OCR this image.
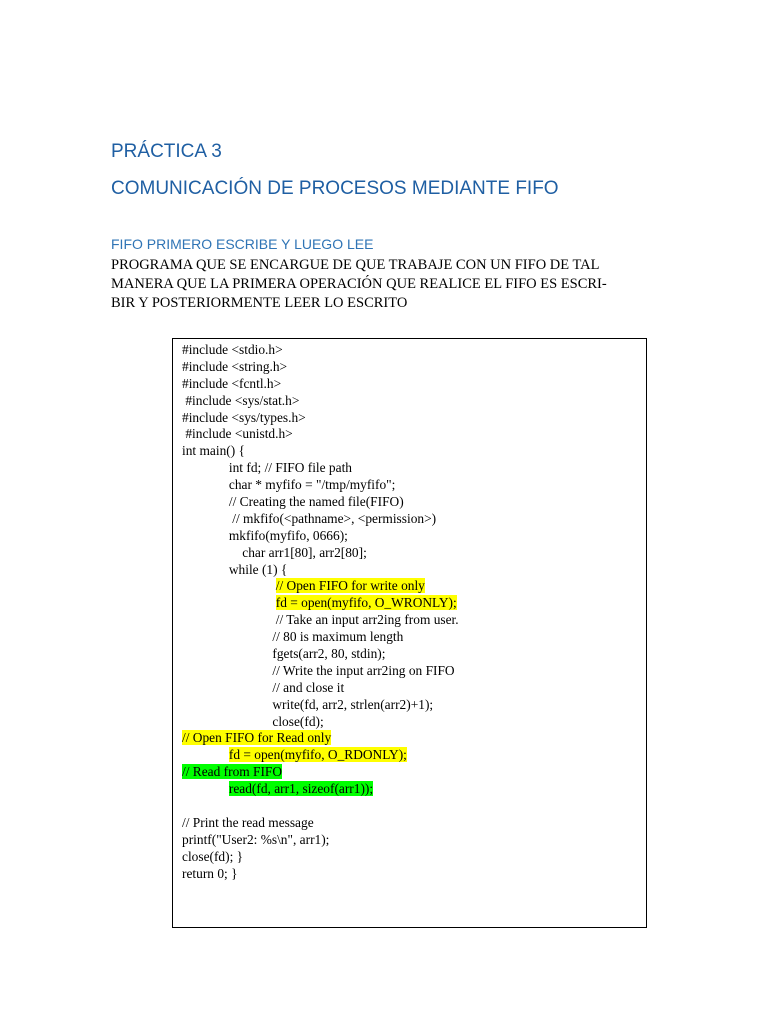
PRÁCTICA 3
COMUNICACIÓN DE PROCESOS MEDIANTE FIFO
FIFO PRIMERO ESCRIBE Y LUEGO LEE
PROGRAMA QUE SE ENCARGUE DE QUE TRABAJE CON UN FIFO DE TAL
MANERA QUE LA PRIMERA OPERACIÓN QUE REALICE EL FIFO ES ESCRI-
BIR Y POSTERIORMENTE LEER LO ESCRITO
#include <stdio.h>
#include <string.h>
#include <fcntl.h>
#include <sys/stat.h>
#include <sys/types.h>
#include <unistd.h>
int main() {
int fd; // FIFO file path
char * myfifo = "/tmp/myfifo";
// Creating the named file(FIFO)
// mkfifo(<pathname>, <permission>)
mkfifo(myfifo, 0666);
char arr1[80], arr2[80];
while (1) {
// Open FIFO for write only
fd = open(myfifo, O_WRONLY);
// Take an input arr2ing from user.
// 80 is maximum length
fgets(arr2, 80, stdin);
// Write the input arr2ing on FIFO
// and close it
write(fd, arr2, strlen(arr2)+1);
close(fd);
// Open FIFO for Read only
fd = open(myfifo, O_RDONLY);
// Read from FIFO
read(fd, arr1, sizeof(arr1));
// Print the read message
printf("User2: %s\n", arr1);
close(fd); }
return 0; }
